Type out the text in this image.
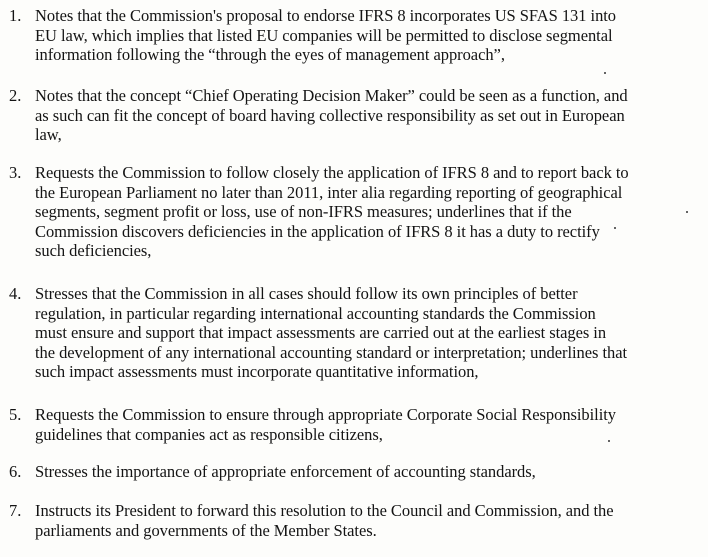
1. Notes that the Commission's proposal to endorse IFRS 8 incorporates US SFAS 131 into
EU law, which implies that listed EU companies will be permitted to disclose segmental
information following the “through the eyes of management approach”,
2. Notes that the concept “Chief Operating Decision Maker” could be seen as a function, and
as such can fit the concept of board having collective responsibility as set out in European
law,
3. Requests the Commission to follow closely the application of IFRS 8 and to report back to
the European Parliament no later than 2011, inter alia regarding reporting of geographical
segments, segment profit or loss, use of non-IFRS measures; underlines that if the
Commission discovers deficiencies in the application of IFRS 8 it has a duty to rectify
such deficiencies,
4. Stresses that the Commission in all cases should follow its own principles of better
regulation, in particular regarding international accounting standards the Commission
must ensure and support that impact assessments are carried out at the earliest stages in
the development of any international accounting standard or interpretation; underlines that
such impact assessments must incorporate quantitative information,
5. Requests the Commission to ensure through appropriate Corporate Social Responsibility
guidelines that companies act as responsible citizens,
6. Stresses the importance of appropriate enforcement of accounting standards,
7. Instructs its President to forward this resolution to the Council and Commission, and the
parliaments and governments of the Member States.
